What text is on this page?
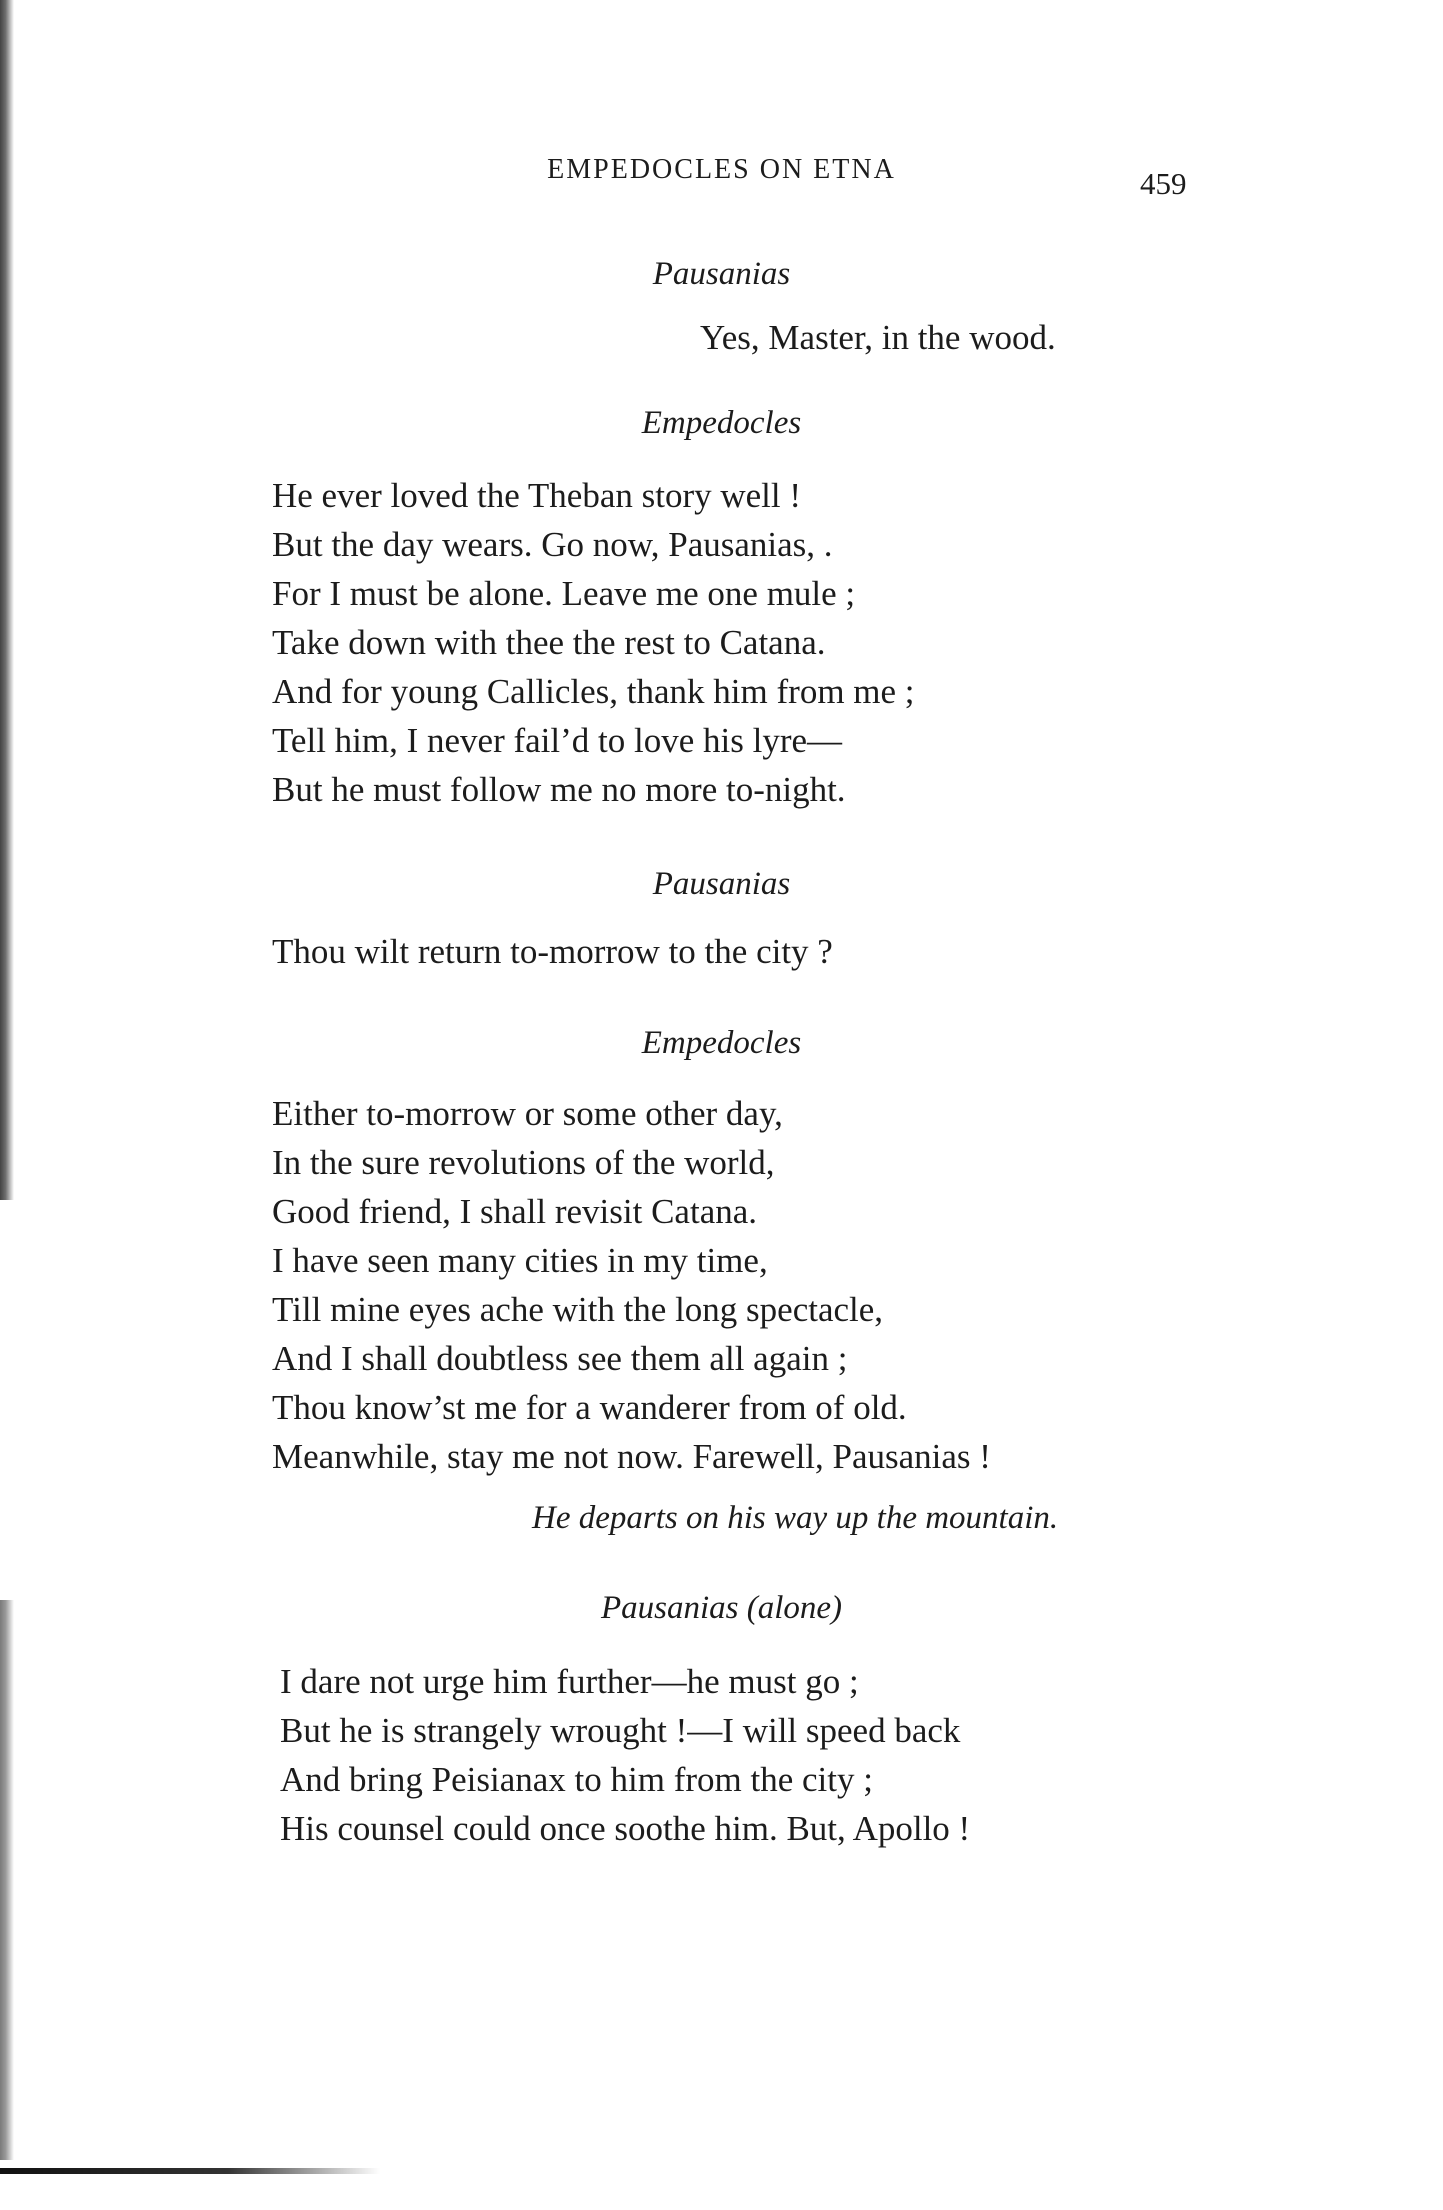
EMPEDOCLES ON ETNA	459
Pausanias
Yes, Master, in the wood.
Empedocles
He ever loved the Theban story well !
But the day wears. Go now, Pausanias, .
For I must be alone. Leave me one mule ;
Take down with thee the rest to Catana.
And for young Callicles, thank him from me ;
Tell him, I never fail’d to love his lyre—
But he must follow me no more to-night.
Pausanias
Thou wilt return to-morrow to the city ?
Empedocles
Either to-morrow or some other day,
In the sure revolutions of the world,
Good friend, I shall revisit Catana.
I have seen many cities in my time,
Till mine eyes ache with the long spectacle,
And I shall doubtless see them all again ;
Thou know’st me for a wanderer from of old.
Meanwhile, stay me not now. Farewell, Pausanias !
He departs on his way up the mountain.
Pausanias (alone)
I dare not urge him further—he must go ;
But he is strangely wrought !—I will speed back
And bring Peisianax to him from the city ;
His counsel could once soothe him. But, Apollo !
